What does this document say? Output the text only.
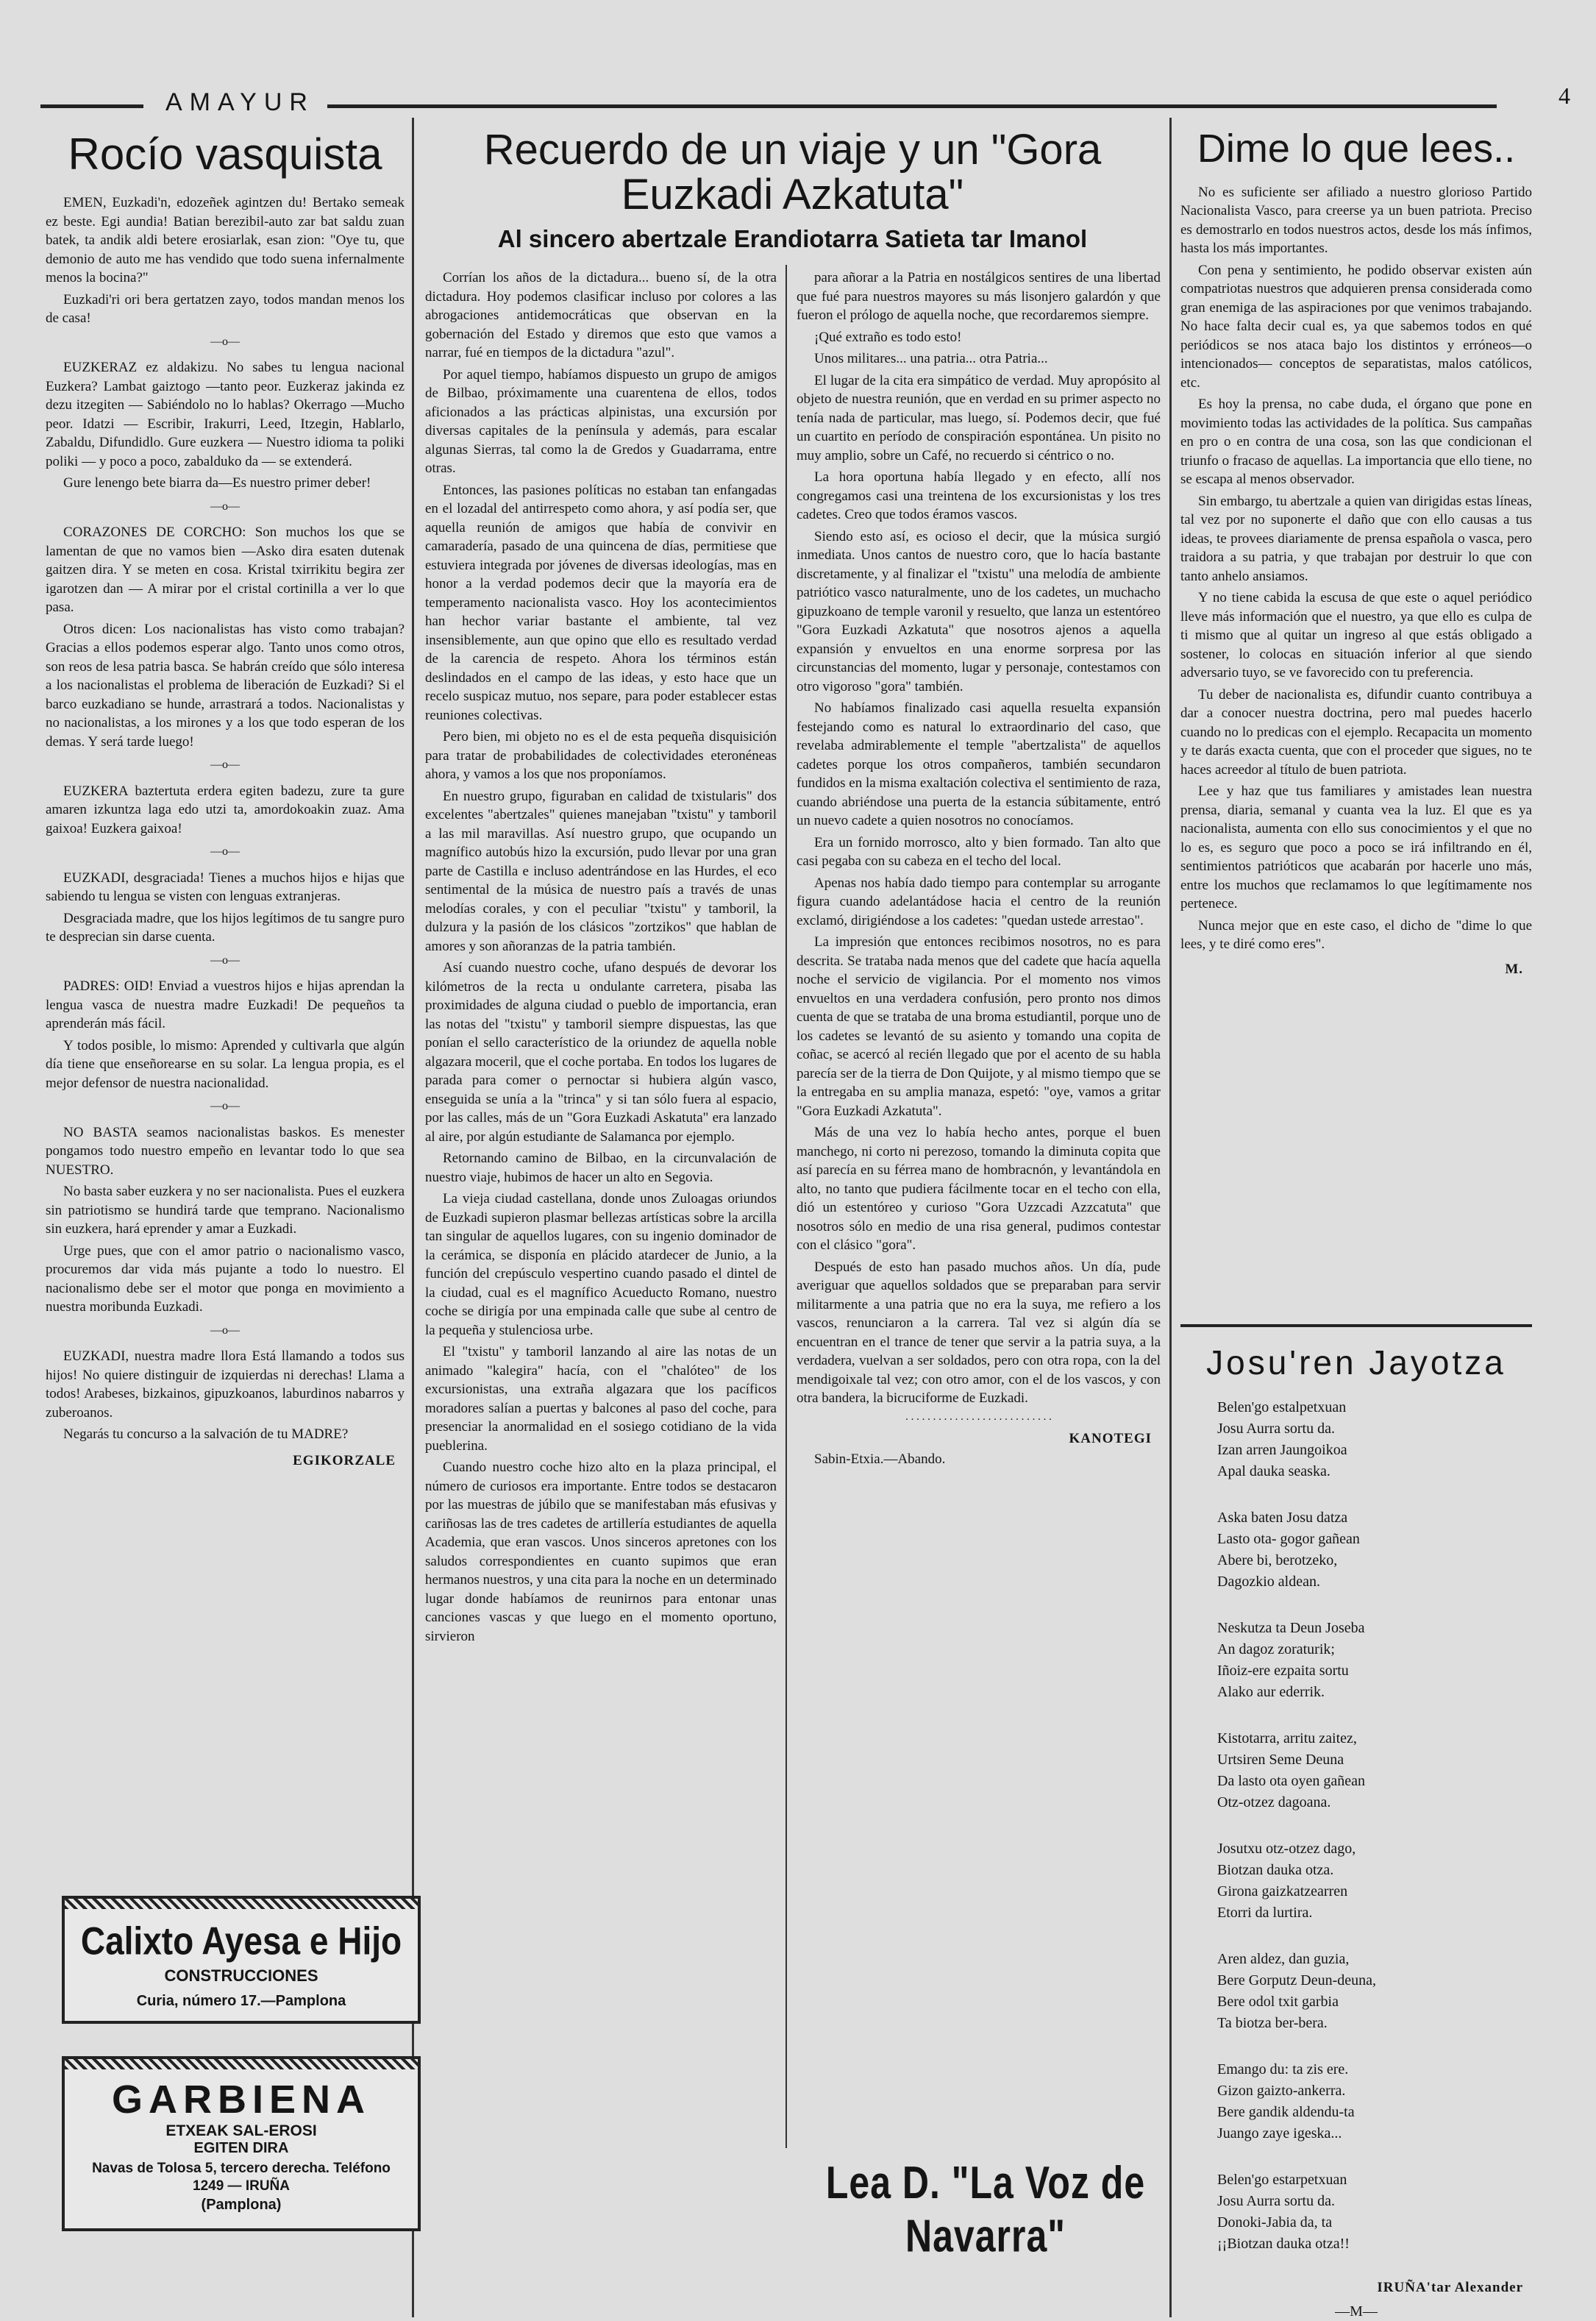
AMAYUR	4
Rocío vasquista

EMEN, Euzkadi'n, edozeñek agintzen du! Bertako semeak ez beste. Egi aundia! Batian berezibil-auto zar bat saldu zuan batek, ta andik aldi betere erosiarlak, esan zion: "Oye tu, que demonio de auto me has vendido que todo suena infernalmente menos la bocina?"

Euzkadi'ri ori bera gertatzen zayo, todos mandan menos los de casa!

—o—

EUZKERAZ ez aldakizu. No sabes tu lengua nacional Euzkera? Lambat gaiztogo —tanto peor. Euzkeraz jakinda ez dezu itzegiten — Sabiéndolo no lo hablas? Okerrago —Mucho peor. Idatzi — Escribir, Irakurri, Leed, Itzegin, Hablarlo, Zabaldu, Difundidlo. Gure euzkera — Nuestro idioma ta poliki poliki — y poco a poco, zabalduko da — se extenderá.

Gure lenengo bete biarra da—Es nuestro primer deber!

—o—

CORAZONES DE CORCHO: Son muchos los que se lamentan de que no vamos bien —Asko dira esaten dutenak gaitzen dira. Y se meten en cosa. Kristal txirrikitu begira zer igarotzen dan — A mirar por el cristal cortinilla a ver lo que pasa.

Otros dicen: Los nacionalistas has visto como trabajan? Gracias a ellos podemos esperar algo. Tanto unos como otros, son reos de lesa patria basca. Se habrán creído que sólo interesa a los nacionalistas el problema de liberación de Euzkadi? Si el barco euzkadiano se hunde, arrastrará a todos. Nacionalistas y no nacionalistas, a los mirones y a los que todo esperan de los demas. Y será tarde luego!

—o—

EUZKERA baztertuta erdera egiten badezu, zure ta gure amaren izkuntza laga edo utzi ta, amordokoakin zuaz. Ama gaixoa! Euzkera gaixoa!

—o—

EUZKADI, desgraciada! Tienes a muchos hijos e hijas que sabiendo tu lengua se visten con lenguas extranjeras.

Desgraciada madre, que los hijos legítimos de tu sangre puro te desprecian sin darse cuenta.

—o—

PADRES: OID! Enviad a vuestros hijos e hijas aprendan la lengua vasca de nuestra madre Euzkadi! De pequeños ta aprenderán más fácil.

Y todos posible, lo mismo: Aprended y cultivarla que algún día tiene que enseñorearse en su solar. La lengua propia, es el mejor defensor de nuestra nacionalidad.

—o—

NO BASTA seamos nacionalistas baskos. Es menester pongamos todo nuestro empeño en levantar todo lo que sea NUESTRO.

No basta saber euzkera y no ser nacionalista. Pues el euzkera sin patriotismo se hundirá tarde que temprano. Nacionalismo sin euzkera, hará eprender y amar a Euzkadi.

Urge pues, que con el amor patrio o nacionalismo vasco, procuremos dar vida más pujante a todo lo nuestro. El nacionalismo debe ser el motor que ponga en movimiento a nuestra moribunda Euzkadi.

—o—

EUZKADI, nuestra madre llora Está llamando a todos sus hijos! No quiere distinguir de izquierdas ni derechas! Llama a todos! Arabeses, bizkainos, gipuzkoanos, laburdinos nabarros y zuberoanos.

Negarás tu concurso a la salvación de tu MADRE?

EGIKORZALE
Calixto Ayesa e Hijo
CONSTRUCCIONES
Curia, número 17.—Pamplona
GARBIENA
ETXEAK SAL-EROSI
EGITEN DIRA
Navas de Tolosa 5, tercero derecha. Teléfono 1249 — IRUÑA
(Pamplona)
Recuerdo de un viaje y un "Gora Euzkadi Azkatuta"
Al sincero abertzale Erandiotarra Satieta tar Imanol

Corrían los años de la dictadura... bueno sí, de la otra dictadura. Hoy podemos clasificar incluso por colores a las abrogaciones antidemocráticas que observan en la gobernación del Estado y diremos que esto que vamos a narrar, fué en tiempos de la dictadura "azul".

Por aquel tiempo, habíamos dispuesto un grupo de amigos de Bilbao, próximamente una cuarentena de ellos, todos aficionados a las prácticas alpinistas, una excursión por diversas capitales de la península y además, para escalar algunas Sierras, tal como la de Gredos y Guadarrama, entre otras.

Entonces, las pasiones políticas no estaban tan enfangadas en el lozadal del antirrespeto como ahora, y así podía ser, que aquella reunión de amigos que había de convivir en camaradería, pasado de una quincena de días, permitiese que estuviera integrada por jóvenes de diversas ideologías, mas en honor a la verdad podemos decir que la mayoría era de temperamento nacionalista vasco. Hoy los acontecimientos han hechor variar bastante el ambiente, tal vez insensiblemente, aun que opino que ello es resultado verdad de la carencia de respeto. Ahora los términos están deslindados en el campo de las ideas, y esto hace que un recelo suspicaz mutuo, nos separe, para poder establecer estas reuniones colectivas.

Pero bien, mi objeto no es el de esta pequeña disquisición para tratar de probabilidades de colectividades eteronéneas ahora, y vamos a los que nos proponíamos.

En nuestro grupo, figuraban en calidad de txistularis" dos excelentes "abertzales" quienes manejaban "txistu" y tamboril a las mil maravillas. Así nuestro grupo, que ocupando un magnífico autobús hizo la excursión, pudo llevar por una gran parte de Castilla e incluso adentrándose en las Hurdes, el eco sentimental de la música de nuestro país a través de unas melodías corales, y con el peculiar "txistu" y tamboril, la dulzura y la pasión de los clásicos "zortzikos" que hablan de amores y son añoranzas de la patria también.

Así cuando nuestro coche, ufano después de devorar los kilómetros de la recta u ondulante carretera, pisaba las proximidades de alguna ciudad o pueblo de importancia, eran las notas del "txistu" y tamboril siempre dispuestas, las que ponían el sello característico de la oriundez de aquella noble algazara moceril, que el coche portaba. En todos los lugares de parada para comer o pernoctar si hubiera algún vasco, enseguida se unía a la "trinca" y si tan sólo fuera al espacio, por las calles, más de un "Gora Euzkadi Askatuta" era lanzado al aire, por algún estudiante de Salamanca por ejemplo.

Retornando camino de Bilbao, en la circunvalación de nuestro viaje, hubimos de hacer un alto en Segovia.

La vieja ciudad castellana, donde unos Zuloagas oriundos de Euzkadi supieron plasmar bellezas artísticas sobre la arcilla tan singular de aquellos lugares, con su ingenio dominador de la cerámica, se disponía en plácido atardecer de Junio, a la función del crepúsculo vespertino cuando pasado el dintel de la ciudad, cual es el magnífico Acueducto Romano, nuestro coche se dirigía por una empinada calle que sube al centro de la pequeña y stulenciosa urbe.

El "txistu" y tamboril lanzando al aire las notas de un animado "kalegira" hacía, con el "chalóteo" de los excursionistas, una extraña algazara que los pacíficos moradores salían a puertas y balcones al paso del coche, para presenciar la anormalidad en el sosiego cotidiano de la vida pueblerina.

Cuando nuestro coche hizo alto en la plaza principal, el número de curiosos era importante. Entre todos se destacaron por las muestras de júbilo que se manifestaban más efusivas y cariñosas las de tres cadetes de artillería estudiantes de aquella Academia, que eran vascos. Unos sinceros apretones con los saludos correspondientes en cuanto supimos que eran hermanos nuestros, y una cita para la noche en un determinado lugar donde habíamos de reunirnos para entonar unas canciones vascas y que luego en el momento oportuno, sirvieron

para añorar a la Patria en nostálgicos sentires de una libertad que fué para nuestros mayores su más lisonjero galardón y que fueron el prólogo de aquella noche, que recordaremos siempre.

¡Qué extraño es todo esto!

Unos militares... una patria... otra Patria...

El lugar de la cita era simpático de verdad. Muy apropósito al objeto de nuestra reunión, que en verdad en su primer aspecto no tenía nada de particular, mas luego, sí. Podemos decir, que fué un cuartito en período de conspiración espontánea. Un pisito no muy amplio, sobre un Café, no recuerdo si céntrico o no.

La hora oportuna había llegado y en efecto, allí nos congregamos casi una treintena de los excursionistas y los tres cadetes. Creo que todos éramos vascos.

Siendo esto así, es ocioso el decir, que la música surgió inmediata. Unos cantos de nuestro coro, que lo hacía bastante discretamente, y al finalizar el "txistu" una melodía de ambiente patriótico vasco naturalmente, uno de los cadetes, un muchacho gipuzkoano de temple varonil y resuelto, que lanza un estentóreo "Gora Euzkadi Azkatuta" que nosotros ajenos a aquella expansión y envueltos en una enorme sorpresa por las circunstancias del momento, lugar y personaje, contestamos con otro vigoroso "gora" también.

No habíamos finalizado casi aquella resuelta expansión festejando como es natural lo extraordinario del caso, que revelaba admirablemente el temple "abertzalista" de aquellos cadetes porque los otros compañeros, también secundaron fundidos en la misma exaltación colectiva el sentimiento de raza, cuando abriéndose una puerta de la estancia súbitamente, entró un nuevo cadete a quien nosotros no conocíamos.

Era un fornido morrosco, alto y bien formado. Tan alto que casi pegaba con su cabeza en el techo del local.

Apenas nos había dado tiempo para contemplar su arrogante figura cuando adelantádose hacia el centro de la reunión exclamó, dirigiéndose a los cadetes: "quedan ustede arrestao".

La impresión que entonces recibimos nosotros, no es para descrita. Se trataba nada menos que del cadete que hacía aquella noche el servicio de vigilancia. Por el momento nos vimos envueltos en una verdadera confusión, pero pronto nos dimos cuenta de que se trataba de una broma estudiantil, porque uno de los cadetes se levantó de su asiento y tomando una copita de coñac, se acercó al recién llegado que por el acento de su habla parecía ser de la tierra de Don Quijote, y al mismo tiempo que se la entregaba en su amplia manaza, espetó: "oye, vamos a gritar "Gora Euzkadi Azkatuta".

Más de una vez lo había hecho antes, porque el buen manchego, ni corto ni perezoso, tomando la diminuta copita que así parecía en su férrea mano de hombracnón, y levantándola en alto, no tanto que pudiera fácilmente tocar en el techo con ella, dió un estentóreo y curioso "Gora Uzzcadi Azzcatuta" que nosotros sólo en medio de una risa general, pudimos contestar con el clásico "gora".

Después de esto han pasado muchos años. Un día, pude averiguar que aquellos soldados que se preparaban para servir militarmente a una patria que no era la suya, me refiero a los vascos, renunciaron a la carrera. Tal vez si algún día se encuentran en el trance de tener que servir a la patria suya, a la verdadera, vuelvan a ser soldados, pero con otra ropa, con la del mendigoixale tal vez; con otro amor, con el de los vascos, y con otra bandera, la bicruciforme de Euzkadi.

. . . . . . . . . . . . . . . . . . . . . . . . . . .
KANOTEGI
Sabin-Etxia.—Abando.
Lea D. "La Voz de Navarra"
Dime lo que lees..

No es suficiente ser afiliado a nuestro glorioso Partido Nacionalista Vasco, para creerse ya un buen patriota. Preciso es demostrarlo en todos nuestros actos, desde los más ínfimos, hasta los más importantes.

Con pena y sentimiento, he podido observar existen aún compatriotas nuestros que adquieren prensa considerada como gran enemiga de las aspiraciones por que venimos trabajando. No hace falta decir cual es, ya que sabemos todos en qué periódicos se nos ataca bajo los distintos y erróneos—o intencionados— conceptos de separatistas, malos católicos, etc.

Es hoy la prensa, no cabe duda, el órgano que pone en movimiento todas las actividades de la política. Sus campañas en pro o en contra de una cosa, son las que condicionan el triunfo o fracaso de aquellas. La importancia que ello tiene, no se escapa al menos observador.

Sin embargo, tu abertzale a quien van dirigidas estas líneas, tal vez por no suponerte el daño que con ello causas a tus ideas, te provees diariamente de prensa española o vasca, pero traidora a su patria, y que trabajan por destruir lo que con tanto anhelo ansiamos.

Y no tiene cabida la escusa de que este o aquel periódico lleve más información que el nuestro, ya que ello es culpa de ti mismo que al quitar un ingreso al que estás obligado a sostener, lo colocas en situación inferior al que siendo adversario tuyo, se ve favorecido con tu preferencia.

Tu deber de nacionalista es, difundir cuanto contribuya a dar a conocer nuestra doctrina, pero mal puedes hacerlo cuando no lo predicas con el ejemplo. Recapacita un momento y te darás exacta cuenta, que con el proceder que sigues, no te haces acreedor al título de buen patriota.

Lee y haz que tus familiares y amistades lean nuestra prensa, diaria, semanal y cuanta vea la luz. El que es ya nacionalista, aumenta con ello sus conocimientos y el que no lo es, es seguro que poco a poco se irá infiltrando en él, sentimientos patrióticos que acabarán por hacerle uno más, entre los muchos que reclamamos lo que legítimamente nos pertenece.

Nunca mejor que en este caso, el dicho de "dime lo que lees, y te diré como eres".

M.
Josu'ren Jayotza
Belen'go estalpetxuan
Josu Aurra sortu da.
Izan arren Jaungoikoa
Apal dauka seaska.
Aska baten Josu datza
Lasto ota- gogor gañean
Abere bi, berotzeko,
Dagozkio aldean.
Neskutza ta Deun Joseba
An dagoz zoraturik;
Iñoiz-ere ezpaita sortu
Alako aur ederrik.
Kistotarra, arritu zaitez,
Urtsiren Seme Deuna
Da lasto ota oyen gañean
Otz-otzez dagoana.
Josutxu otz-otzez dago,
Biotzan dauka otza.
Girona gaizkatzearren
Etorri da lurtira.
Aren aldez, dan guzia,
Bere Gorputz Deun-deuna,
Bere odol txit garbia
Ta biotza ber-bera.
Emango du: ta zis ere.
Gizon gaizto-ankerra.
Bere gandik aldendu-ta
Juango zaye igeska...
Belen'go estarpetxuan
Josu Aurra sortu da.
Donoki-Jabia da, ta
¡¡Biotzan dauka otza!!
IRUÑA'tar Alexander
—M—
